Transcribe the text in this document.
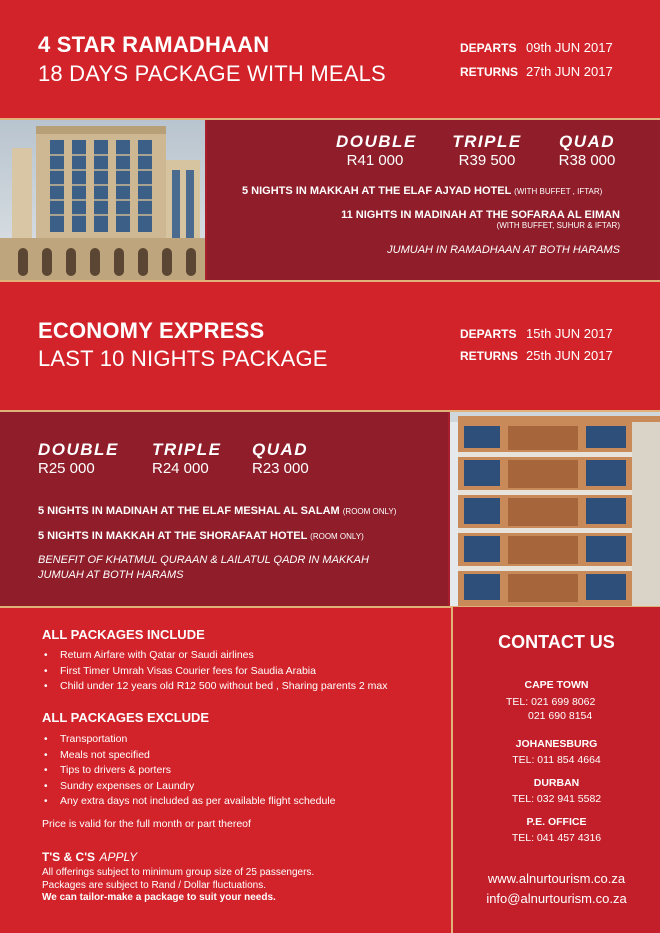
4 STAR RAMADHAAN
18 DAYS PACKAGE WITH MEALS
DEPARTS 09th JUN 2017
RETURNS 27th JUN 2017
DOUBLE
R41 000
TRIPLE
R39 500
QUAD
R38 000
5 NIGHTS IN MAKKAH AT THE ELAF AJYAD HOTEL (WITH BUFFET , IFTAR)
11 NIGHTS IN MADINAH AT THE SOFARAA AL EIMAN
(WITH BUFFET, SUHUR & IFTAR)
JUMUAH IN RAMADHAAN AT BOTH HARAMS
ECONOMY EXPRESS
LAST 10 NIGHTS PACKAGE
DEPARTS 15th JUN 2017
RETURNS 25th JUN 2017
DOUBLE
R25 000
TRIPLE
R24 000
QUAD
R23 000
5 NIGHTS IN MADINAH AT THE ELAF MESHAL AL SALAM (ROOM ONLY)
5 NIGHTS IN MAKKAH AT THE SHORAFAAT HOTEL (ROOM ONLY)
BENEFIT OF KHATMUL QURAAN & LAILATUL QADR IN MAKKAH
JUMUAH AT BOTH HARAMS
ALL PACKAGES INCLUDE
• Return Airfare with Qatar or Saudi airlines
• First Timer Umrah Visas Courier fees for Saudia Arabia
• Child under 12 years old R12 500 without bed , Sharing parents 2 max
ALL PACKAGES EXCLUDE
• Transportation
• Meals not specified
• Tips to drivers & porters
• Sundry expenses or Laundry
• Any extra days not included as per available flight schedule
Price is valid for the full month or part thereof
T'S & C'S APPLY
All offerings subject to minimum group size of 25 passengers.
Packages are subject to Rand / Dollar fluctuations.
We can tailor-make a package to suit your needs.
CONTACT US
CAPE TOWN
TEL: 021 699 8062
021 690 8154
JOHANESBURG
TEL: 011 854 4664
DURBAN
TEL: 032 941 5582
P.E. OFFICE
TEL: 041 457 4316
www.alnurtourism.co.za
info@alnurtourism.co.za
